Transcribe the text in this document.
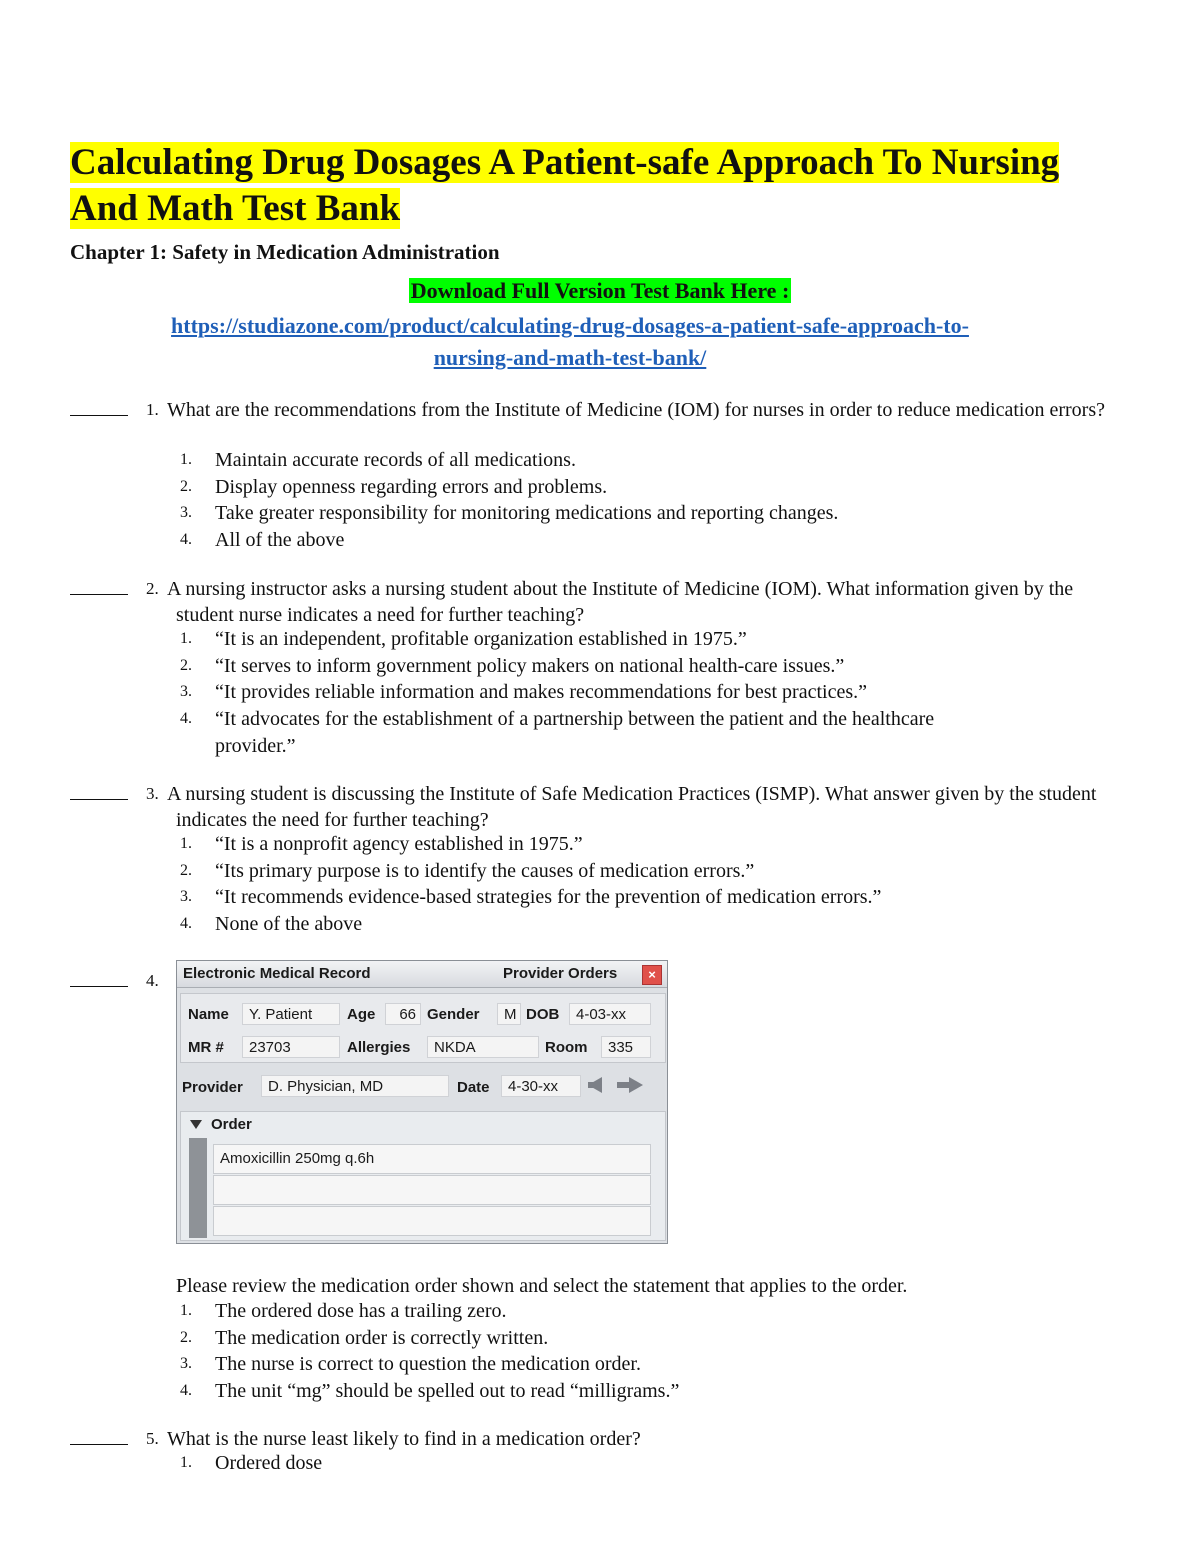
Calculating Drug Dosages A Patient-safe Approach To Nursing
And Math Test Bank
Chapter 1: Safety in Medication Administration
Download Full Version Test Bank Here :
https://studiazone.com/product/calculating-drug-dosages-a-patient-safe-approach-to-
nursing-and-math-test-bank/
1. What are the recommendations from the Institute of Medicine (IOM) for nurses in order to reduce medication errors?
1. Maintain accurate records of all medications.
2. Display openness regarding errors and problems.
3. Take greater responsibility for monitoring medications and reporting changes.
4. All of the above
2. A nursing instructor asks a nursing student about the Institute of Medicine (IOM). What information given by the student nurse indicates a need for further teaching?
1. “It is an independent, profitable organization established in 1975.”
2. “It serves to inform government policy makers on national health-care issues.”
3. “It provides reliable information and makes recommendations for best practices.”
4. “It advocates for the establishment of a partnership between the patient and the healthcare provider.”
3. A nursing student is discussing the Institute of Safe Medication Practices (ISMP). What answer given by the student indicates the need for further teaching?
1. “It is a nonprofit agency established in 1975.”
2. “Its primary purpose is to identify the causes of medication errors.”
3. “It recommends evidence-based strategies for the prevention of medication errors.”
4. None of the above
4. Electronic Medical Record	Provider Orders	×
Name	Y. Patient	Age	66 Gender	M DOB	4-03-xx
MR #	23703	Allergies	NKDA	Room	335
Provider	D. Physician, MD	Date	4-30-xx
Order
Amoxicillin 250mg q.6h
Please review the medication order shown and select the statement that applies to the order.
1. The ordered dose has a trailing zero.
2. The medication order is correctly written.
3. The nurse is correct to question the medication order.
4. The unit “mg” should be spelled out to read “milligrams.”
5. What is the nurse least likely to find in a medication order?
1. Ordered dose
